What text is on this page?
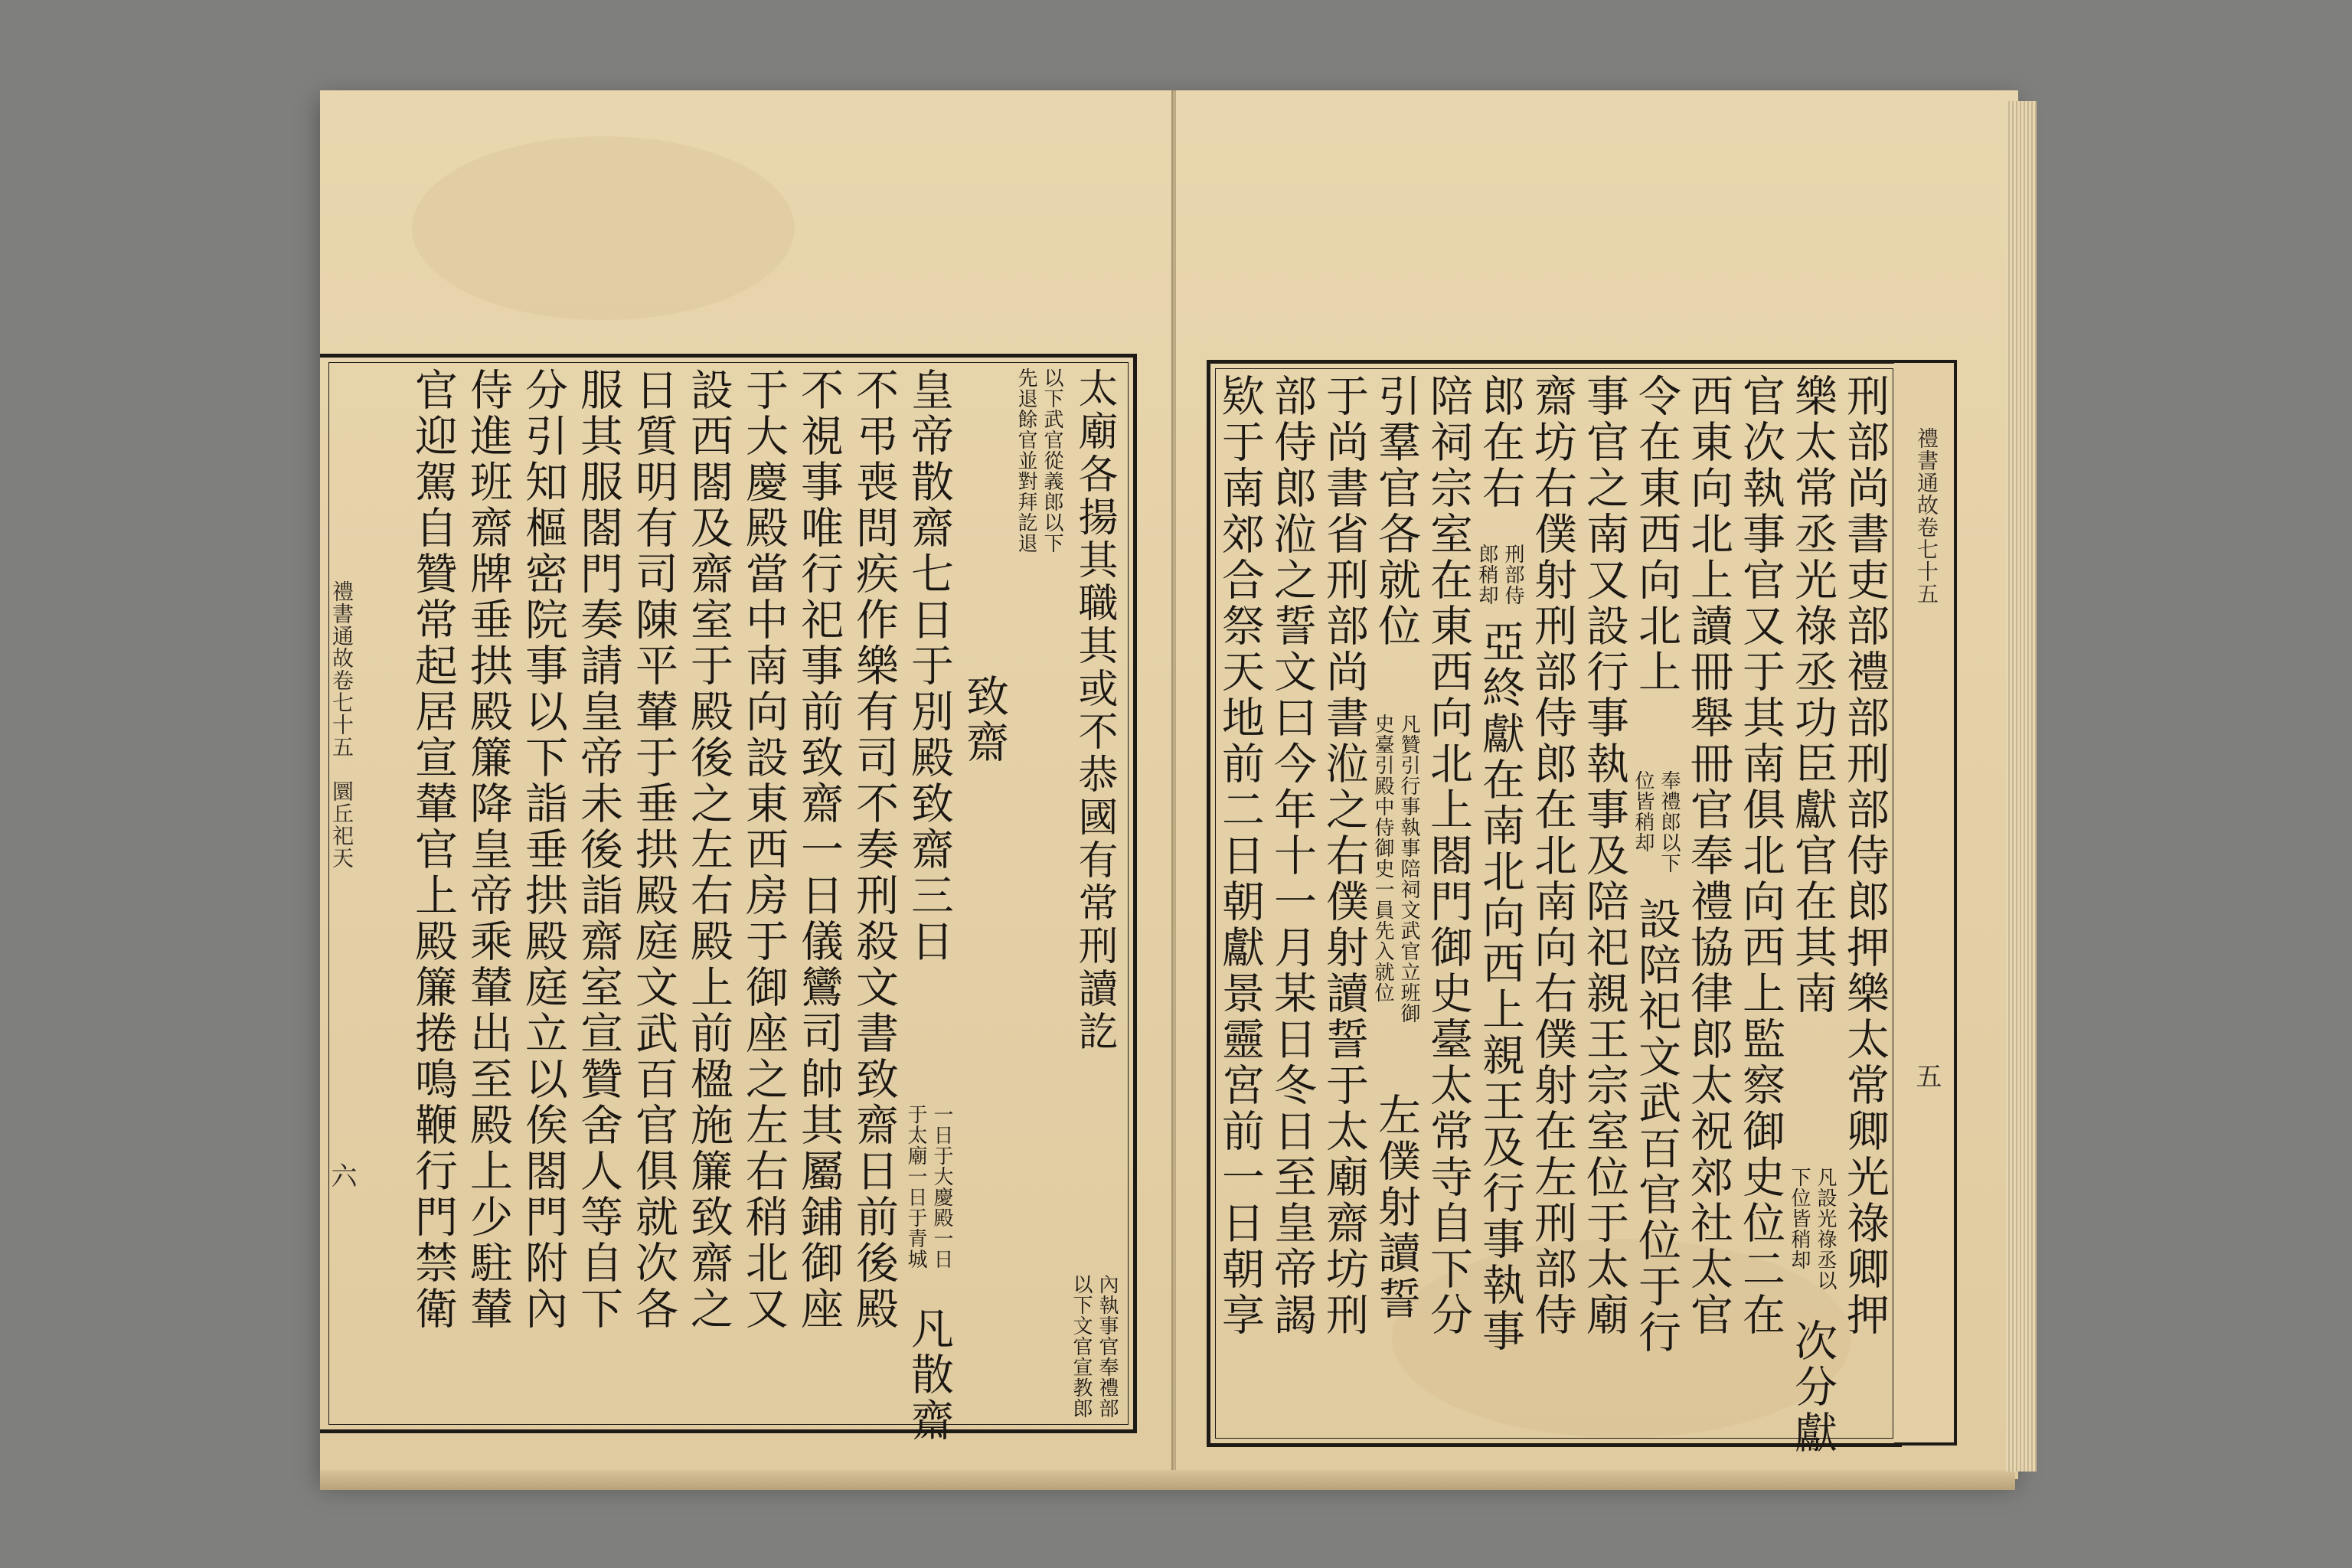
禮書通故卷七十五
五
禮書通故卷七十五　圜丘祀天
六	刑部尚書吏部禮部刑部侍郎押樂太常卿光祿卿押
樂太常丞光祿丞功臣獻官在其南
凡設光祿丞以
下位皆稍却
次分獻
官次執事官又于其南俱北向西上監察御史位二在
西東向北上讀冊舉冊官奉禮協律郎太祝郊社太官
令在東西向北上
奉禮郎以下
位皆稍却
設陪祀文武百官位于行
事官之南又設行事執事及陪祀親王宗室位于太廟
齋坊右僕射刑部侍郎在北南向右僕射在左刑部侍
郎在右
刑部侍
郎稍却
亞終獻在南北向西上親王及行事執事
陪祠宗室在東西向北上閤門御史臺太常寺自下分
引羣官各就位
凡贊引行事執事陪祠文武官立班御
史臺引殿中侍御史一員先入就位
左僕射讀誓
于尚書省刑部尚書涖之右僕射讀誓于太廟齋坊刑
部侍郎涖之誓文曰今年十一月某日冬日至皇帝謁
欵于南郊合祭天地前二日朝獻景靈宮前一日朝享
太廟各揚其職其或不恭國有常刑讀訖
內執事官奉禮部
以下文官宣教郎
以下武官從義郎以下
先退餘官並對拜訖退
致齋
皇帝散齋七日于別殿致齋三日
一日于大慶殿一日
于太廟一日于青城
凡散齋
不弔喪問疾作樂有司不奏刑殺文書致齋日前後殿
不視事唯行祀事前致齋一日儀鸞司帥其屬鋪御座
于大慶殿當中南向設東西房于御座之左右稍北又
設西閤及齋室于殿後之左右殿上前楹施簾致齋之
日質明有司陳平輦于垂拱殿庭文武百官俱就次各
服其服閤門奏請皇帝未後詣齋室宣贊舍人等自下
分引知樞密院事以下詣垂拱殿庭立以俟閤門附內
侍進班齋牌垂拱殿簾降皇帝乘輦出至殿上少駐輦
官迎駕自贊常起居宣輦官上殿簾捲鳴鞭行門禁衛
